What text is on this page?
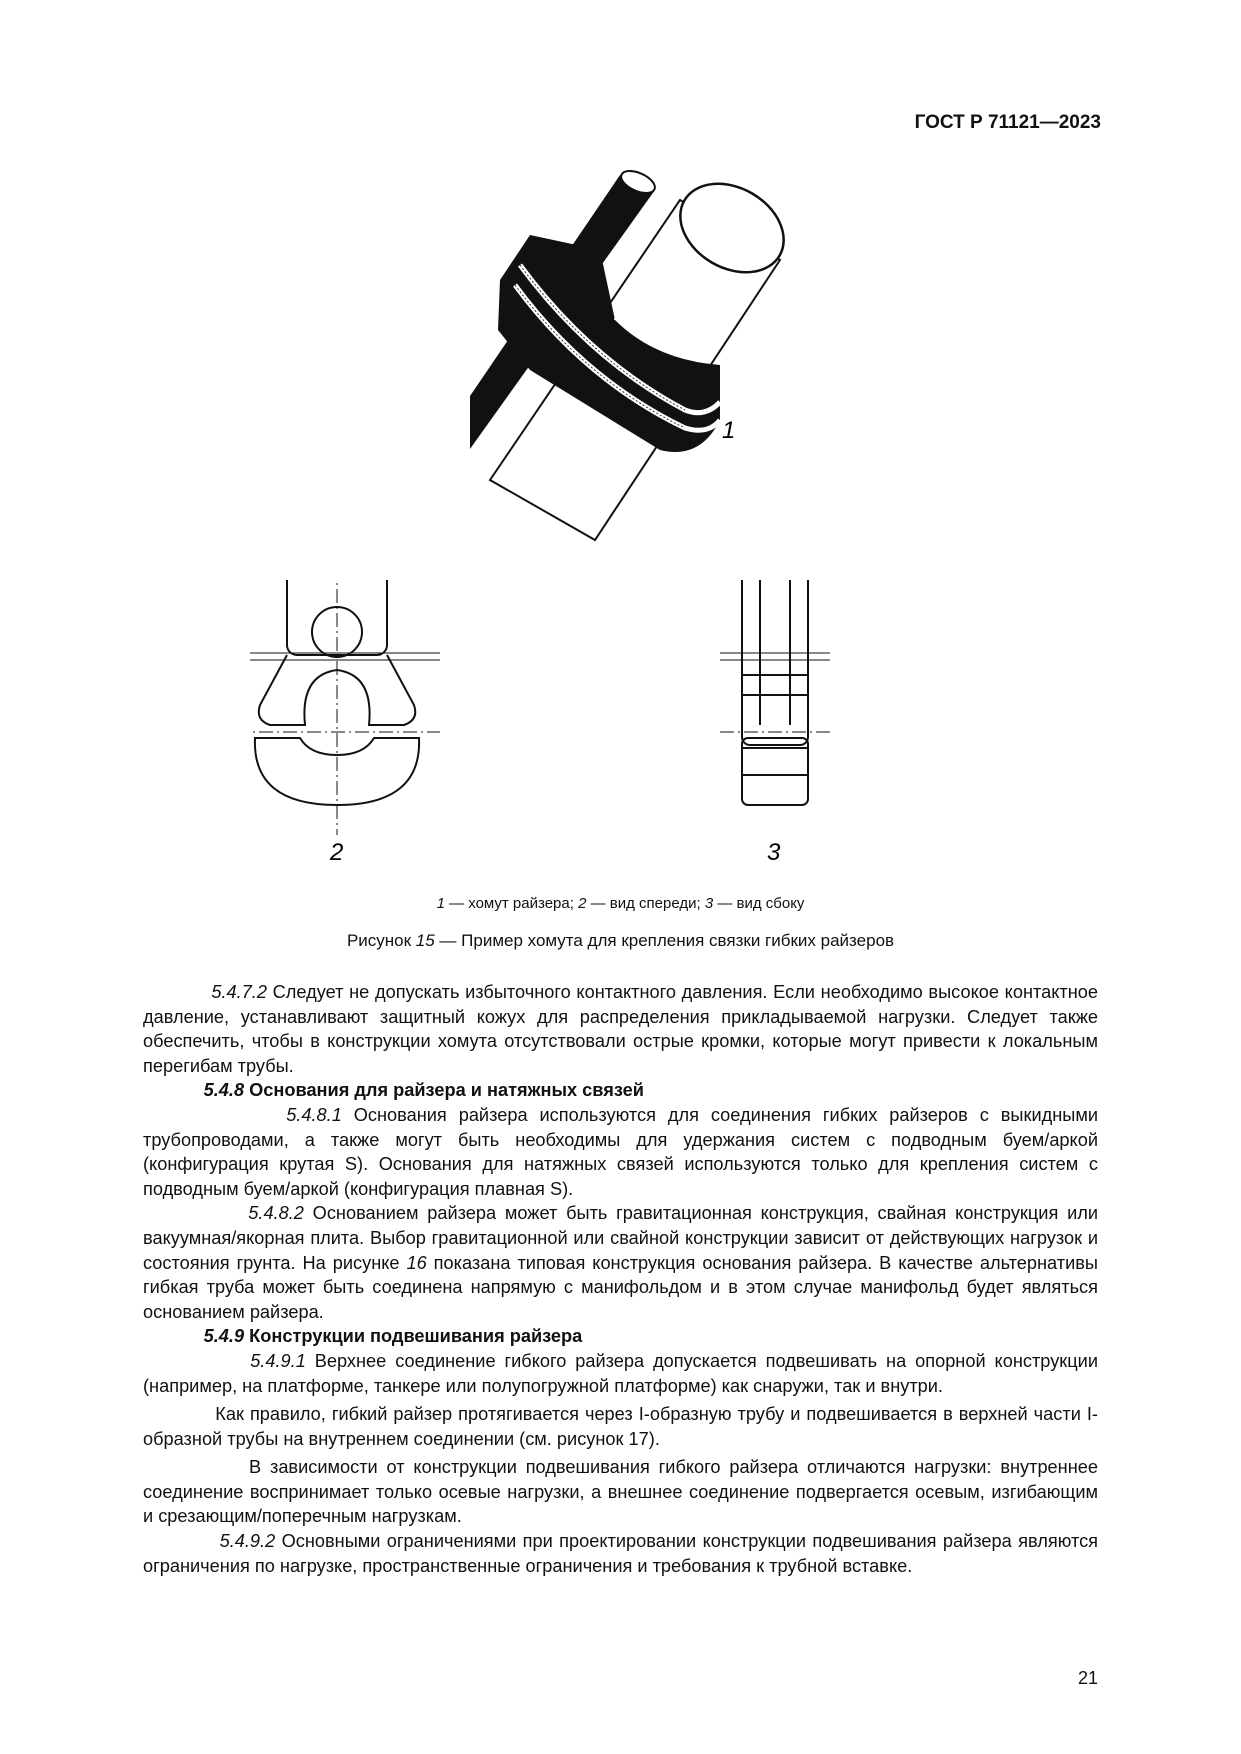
ГОСТ Р 71121—2023
1
2	3
1 — хомут райзера; 2 — вид спереди; 3 — вид сбоку
Рисунок 15 — Пример хомута для крепления связки гибких райзеров

5.4.7.2 Следует не допускать избыточного контактного давления. Если необходимо высокое контактное давление, устанавливают защитный кожух для распределения прикладываемой нагрузки. Следует также обеспечить, чтобы в конструкции хомута отсутствовали острые кромки, которые могут привести к локальным перегибам трубы.

5.4.8 Основания для райзера и натяжных связей

5.4.8.1 Основания райзера используются для соединения гибких райзеров с выкидными трубопроводами, а также могут быть необходимы для удержания систем с подводным буем/аркой (конфигурация крутая S). Основания для натяжных связей используются только для крепления систем с подводным буем/аркой (конфигурация плавная S).

5.4.8.2 Основанием райзера может быть гравитационная конструкция, свайная конструкция или вакуумная/якорная плита. Выбор гравитационной или свайной конструкции зависит от действующих нагрузок и состояния грунта. На рисунке 16 показана типовая конструкция основания райзера. В качестве альтернативы гибкая труба может быть соединена напрямую с манифольдом и в этом случае манифольд будет являться основанием райзера.

5.4.9 Конструкции подвешивания райзера

5.4.9.1 Верхнее соединение гибкого райзера допускается подвешивать на опорной конструкции (например, на платформе, танкере или полупогружной платформе) как снаружи, так и внутри.

Как правило, гибкий райзер протягивается через I-образную трубу и подвешивается в верхней части I-образной трубы на внутреннем соединении (см. рисунок 17).

В зависимости от конструкции подвешивания гибкого райзера отличаются нагрузки: внутреннее соединение воспринимает только осевые нагрузки, а внешнее соединение подвергается осевым, изгибающим и срезающим/поперечным нагрузкам.

5.4.9.2 Основными ограничениями при проектировании конструкции подвешивания райзера являются ограничения по нагрузке, пространственные ограничения и требования к трубной вставке.

21
